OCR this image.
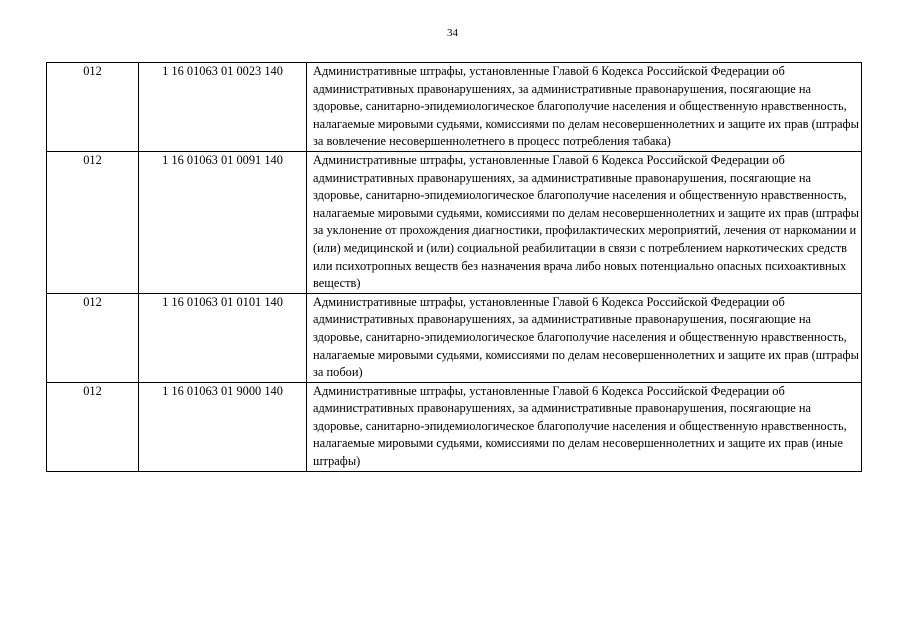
34
012	1 16 01063 01 0023 140	Административные штрафы, установленные Главой 6 Кодекса Российской Федерации об административных правонарушениях, за административные правонарушения, посягающие на здоровье, санитарно-эпидемиологическое благополучие населения и общественную нравственность, налагаемые мировыми судьями, комиссиями по делам несовершеннолетних и защите их прав (штрафы за вовлечение несовершеннолетнего в процесс потребления табака)
012	1 16 01063 01 0091 140	Административные штрафы, установленные Главой 6 Кодекса Российской Федерации об административных правонарушениях, за административные правонарушения, посягающие на здоровье, санитарно-эпидемиологическое благополучие населения и общественную нравственность, налагаемые мировыми судьями, комиссиями по делам несовершеннолетних и защите их прав (штрафы за уклонение от прохождения диагностики, профилактических мероприятий, лечения от наркомании и (или) медицинской и (или) социальной реабилитации в связи с потреблением наркотических средств или психотропных веществ без назначения врача либо новых потенциально опасных психоактивных веществ)
012	1 16 01063 01 0101 140	Административные штрафы, установленные Главой 6 Кодекса Российской Федерации об административных правонарушениях, за административные правонарушения, посягающие на здоровье, санитарно-эпидемиологическое благополучие населения и общественную нравственность, налагаемые мировыми судьями, комиссиями по делам несовершеннолетних и защите их прав (штрафы за побои)
012	1 16 01063 01 9000 140	Административные штрафы, установленные Главой 6 Кодекса Российской Федерации об административных правонарушениях, за административные правонарушения, посягающие на здоровье, санитарно-эпидемиологическое благополучие населения и общественную нравственность, налагаемые мировыми судьями, комиссиями по делам несовершеннолетних и защите их прав (иные штрафы)
